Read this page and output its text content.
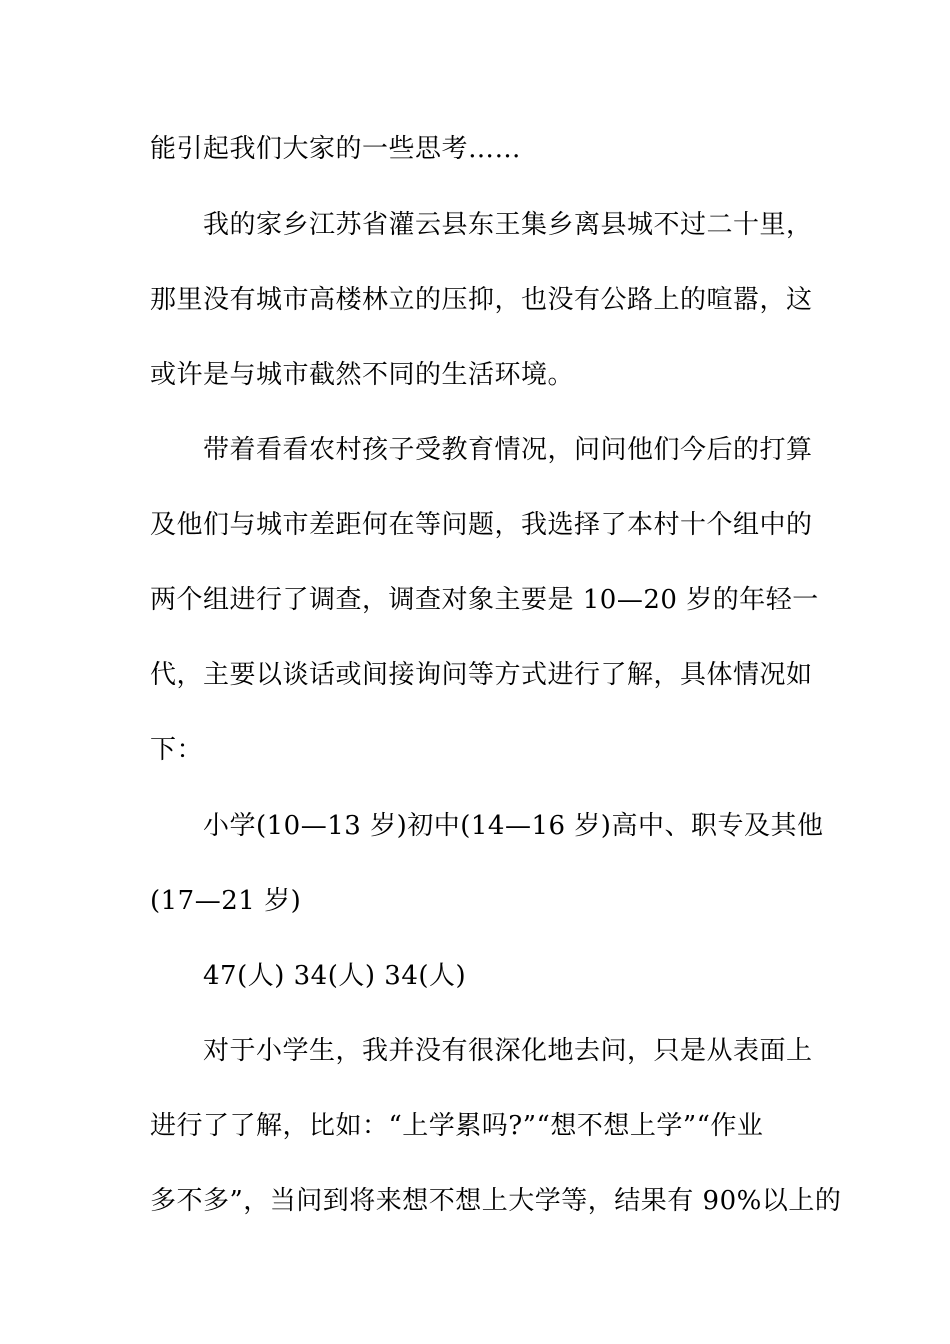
能引起我们大家的一些思考……
我的家乡江苏省灌云县东王集乡离县城不过二十里，
那里没有城市高楼林立的压抑，也没有公路上的喧嚣，这
或许是与城市截然不同的生活环境。
带着看看农村孩子受教育情况，问问他们今后的打算
及他们与城市差距何在等问题，我选择了本村十个组中的
两个组进行了调查，调查对象主要是 10—20 岁的年轻一
代，主要以谈话或间接询问等方式进行了解，具体情况如
下：
小学(10—13 岁)初中(14—16 岁)高中、职专及其他
(17—21 岁)
47(人) 34(人) 34(人)
对于小学生，我并没有很深化地去问，只是从表面上
进行了了解，比如：“上学累吗?”“想不想上学”“作业
多不多”，当问到将来想不想上大学等，结果有 90%以上的
